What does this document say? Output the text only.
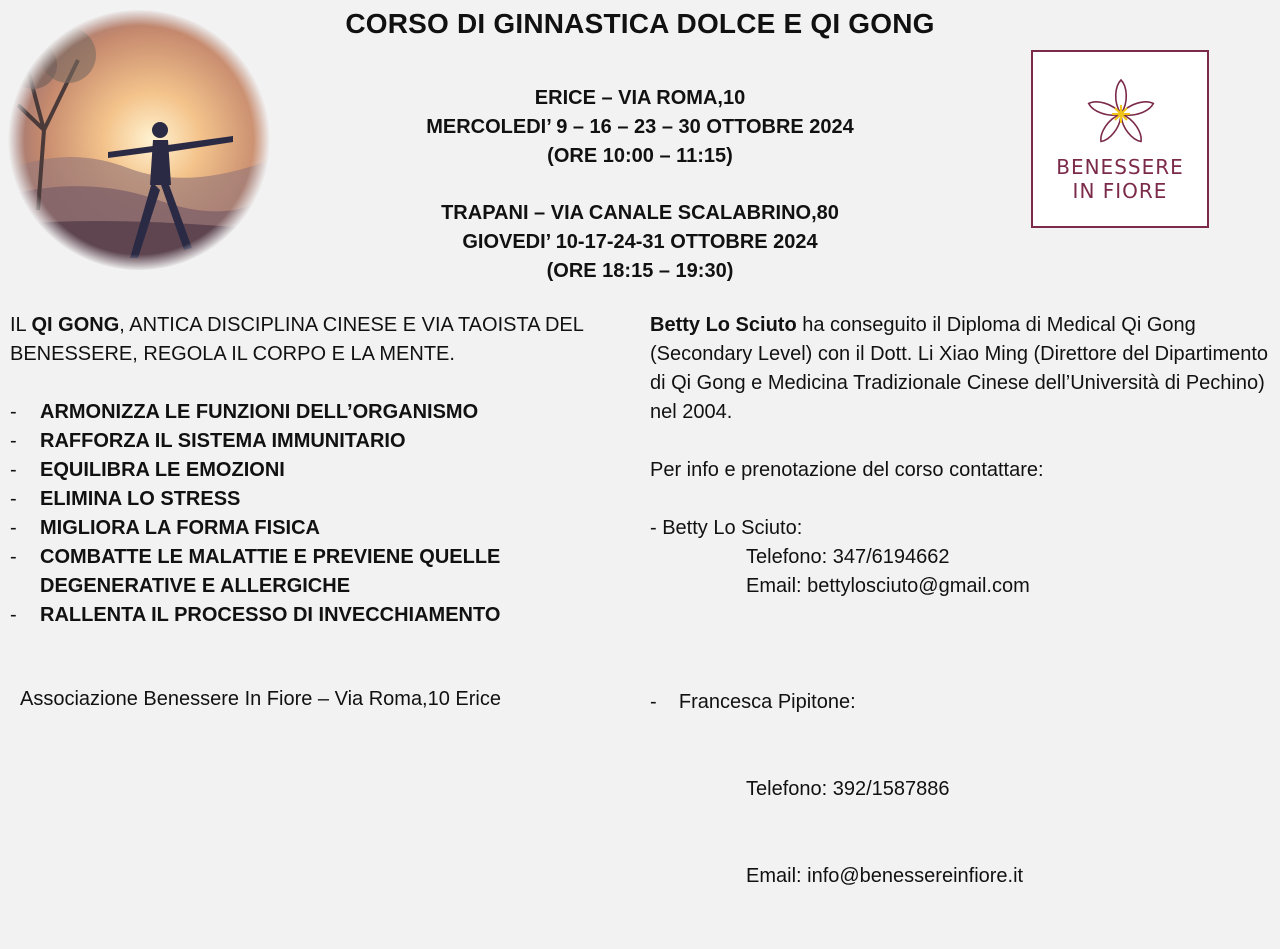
CORSO DI GINNASTICA DOLCE E QI GONG
ERICE – VIA ROMA,10
MERCOLEDI’ 9 – 16 – 23 – 30 OTTOBRE 2024
(ORE 10:00 – 11:15)
TRAPANI – VIA CANALE SCALABRINO,80
GIOVEDI’ 10-17-24-31 OTTOBRE 2024
(ORE 18:15 – 19:30)
BENESSERE
IN FIORE

IL QI GONG, ANTICA DISCIPLINA CINESE E VIA TAOISTA DEL BENESSERE, REGOLA IL CORPO E LA MENTE.

- ARMONIZZA LE FUNZIONI DELL’ORGANISMO
- RAFFORZA IL SISTEMA IMMUNITARIO
- EQUILIBRA LE EMOZIONI
- ELIMINA LO STRESS
- MIGLIORA LA FORMA FISICA
- COMBATTE LE MALATTIE E PREVIENE QUELLE DEGENERATIVE E ALLERGICHE
- RALLENTA IL PROCESSO DI INVECCHIAMENTO

Betty Lo Sciuto ha conseguito il Diploma di Medical Qi Gong (Secondary Level) con il Dott. Li Xiao Ming (Direttore del Dipartimento di Qi Gong e Medicina Tradizionale Cinese dell’Università di Pechino) nel 2004.

Per info e prenotazione del corso contattare:

- Betty Lo Sciuto:
Telefono: 347/6194662
Email: bettylosciuto@gmail.com

-    Francesca Pipitone:

Telefono: 392/1587886

Email: info@benessereinfiore.it

Associazione Benessere In Fiore – Via Roma,10 Erice
